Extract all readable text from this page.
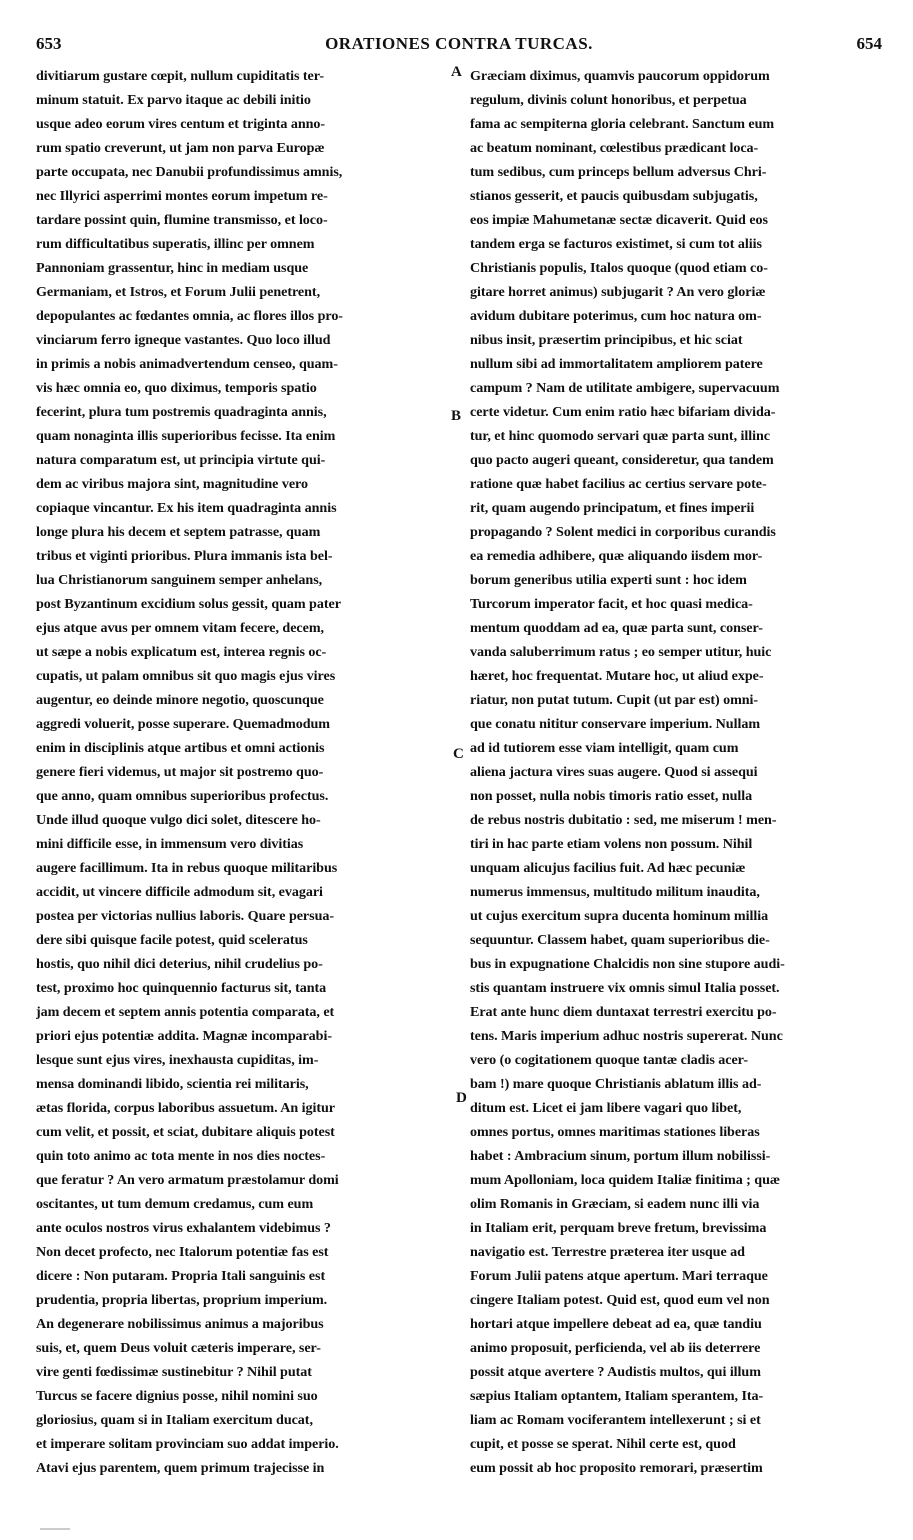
653	ORATIONES CONTRA TURCAS.	654
divitiarum gustare cœpit, nullum cupiditatis ter-
minum statuit. Ex parvo itaque ac debili initio
usque adeo eorum vires centum et triginta anno-
rum spatio creverunt, ut jam non parva Europæ
parte occupata, nec Danubii profundissimus amnis,
nec Illyrici asperrimi montes eorum impetum re-
tardare possint quin, flumine transmisso, et loco-
rum difficultatibus superatis, illinc per omnem
Pannoniam grassentur, hinc in mediam usque
Germaniam, et Istros, et Forum Julii penetrent,
depopulantes ac fœdantes omnia, ac flores illos pro-
vinciarum ferro igneque vastantes. Quo loco illud
in primis a nobis animadvertendum censeo, quam-
vis hæc omnia eo, quo diximus, temporis spatio
fecerint, plura tum postremis quadraginta annis,
quam nonaginta illis superioribus fecisse. Ita enim
natura comparatum est, ut principia virtute qui-
dem ac viribus majora sint, magnitudine vero
copiaque vincantur. Ex his item quadraginta annis
longe plura his decem et septem patrasse, quam
tribus et viginti prioribus. Plura immanis ista bel-
lua Christianorum sanguinem semper anhelans,
post Byzantinum excidium solus gessit, quam pater
ejus atque avus per omnem vitam fecere, decem,
ut sæpe a nobis explicatum est, interea regnis oc-
cupatis, ut palam omnibus sit quo magis ejus vires
augentur, eo deinde minore negotio, quoscunque
aggredi voluerit, posse superare. Quemadmodum
enim in disciplinis atque artibus et omni actionis
genere fieri videmus, ut major sit postremo quo-
que anno, quam omnibus superioribus profectus.
Unde illud quoque vulgo dici solet, ditescere ho-
mini difficile esse, in immensum vero divitias
augere facillimum. Ita in rebus quoque militaribus
accidit, ut vincere difficile admodum sit, evagari
postea per victorias nullius laboris. Quare persua-
dere sibi quisque facile potest, quid sceleratus
hostis, quo nihil dici deterius, nihil crudelius po-
test, proximo hoc quinquennio facturus sit, tanta
jam decem et septem annis potentia comparata, et
priori ejus potentiæ addita. Magnæ incomparabi-
lesque sunt ejus vires, inexhausta cupiditas, im-
mensa dominandi libido, scientia rei militaris,
ætas florida, corpus laboribus assuetum. An igitur
cum velit, et possit, et sciat, dubitare aliquis potest
quin toto animo ac tota mente in nos dies noctes-
que feratur ? An vero armatum præstolamur domi
oscitantes, ut tum demum credamus, cum eum
ante oculos nostros virus exhalantem videbimus ?
Non decet profecto, nec Italorum potentiæ fas est
dicere : Non putaram. Propria Itali sanguinis est
prudentia, propria libertas, proprium imperium.
An degenerare nobilissimus animus a majoribus
suis, et, quem Deus voluit cæteris imperare, ser-
vire genti fœdissimæ sustinebitur ? Nihil putat
Turcus se facere dignius posse, nihil nomini suo
gloriosius, quam si in Italiam exercitum ducat,
et imperare solitam provinciam suo addat imperio.
Atavi ejus parentem, quem primum trajecisse in
Græciam diximus, quamvis paucorum oppidorum
regulum, divinis colunt honoribus, et perpetua
fama ac sempiterna gloria celebrant. Sanctum eum
ac beatum nominant, cœlestibus prædicant loca-
tum sedibus, cum princeps bellum adversus Chri-
stianos gesserit, et paucis quibusdam subjugatis,
eos impiæ Mahumetanæ sectæ dicaverit. Quid eos
tandem erga se facturos existimet, si cum tot aliis
Christianis populis, Italos quoque (quod etiam co-
gitare horret animus) subjugarit ? An vero gloriæ
avidum dubitare poterimus, cum hoc natura om-
nibus insit, præsertim principibus, et hic sciat
nullum sibi ad immortalitatem ampliorem patere
campum ? Nam de utilitate ambigere, supervacuum
certe videtur. Cum enim ratio hæc bifariam divida-
tur, et hinc quomodo servari quæ parta sunt, illinc
quo pacto augeri queant, consideretur, qua tandem
ratione quæ habet facilius ac certius servare pote-
rit, quam augendo principatum, et fines imperii
propagando ? Solent medici in corporibus curandis
ea remedia adhibere, quæ aliquando iisdem mor-
borum generibus utilia experti sunt : hoc idem
Turcorum imperator facit, et hoc quasi medica-
mentum quoddam ad ea, quæ parta sunt, conser-
vanda saluberrimum ratus ; eo semper utitur, huic
hæret, hoc frequentat. Mutare hoc, ut aliud expe-
riatur, non putat tutum. Cupit (ut par est) omni-
que conatu nititur conservare imperium. Nullam
ad id tutiorem esse viam intelligit, quam cum
aliena jactura vires suas augere. Quod si assequi
non posset, nulla nobis timoris ratio esset, nulla
de rebus nostris dubitatio : sed, me miserum ! men-
tiri in hac parte etiam volens non possum. Nihil
unquam alicujus facilius fuit. Ad hæc pecuniæ
numerus immensus, multitudo militum inaudita,
ut cujus exercitum supra ducenta hominum millia
sequuntur. Classem habet, quam superioribus die-
bus in expugnatione Chalcidis non sine stupore audi-
stis quantam instruere vix omnis simul Italia posset.
Erat ante hunc diem duntaxat terrestri exercitu po-
tens. Maris imperium adhuc nostris supererat. Nunc
vero (o cogitationem quoque tantæ cladis acer-
bam !) mare quoque Christianis ablatum illis ad-
ditum est. Licet ei jam libere vagari quo libet,
omnes portus, omnes maritimas stationes liberas
habet : Ambracium sinum, portum illum nobilissi-
mum Apolloniam, loca quidem Italiæ finitima ; quæ
olim Romanis in Græciam, si eadem nunc illi via
in Italiam erit, perquam breve fretum, brevissima
navigatio est. Terrestre præterea iter usque ad
Forum Julii patens atque apertum. Mari terraque
cingere Italiam potest. Quid est, quod eum vel non
hortari atque impellere debeat ad ea, quæ tandiu
animo proposuit, perficienda, vel ab iis deterrere
possit atque avertere ? Audistis multos, qui illum
sæpius Italiam optantem, Italiam sperantem, Ita-
liam ac Romam vociferantem intellexerunt ; si et
cupit, et posse se sperat. Nihil certe est, quod
eum possit ab hoc proposito remorari, præsertim
A
B
C
D
